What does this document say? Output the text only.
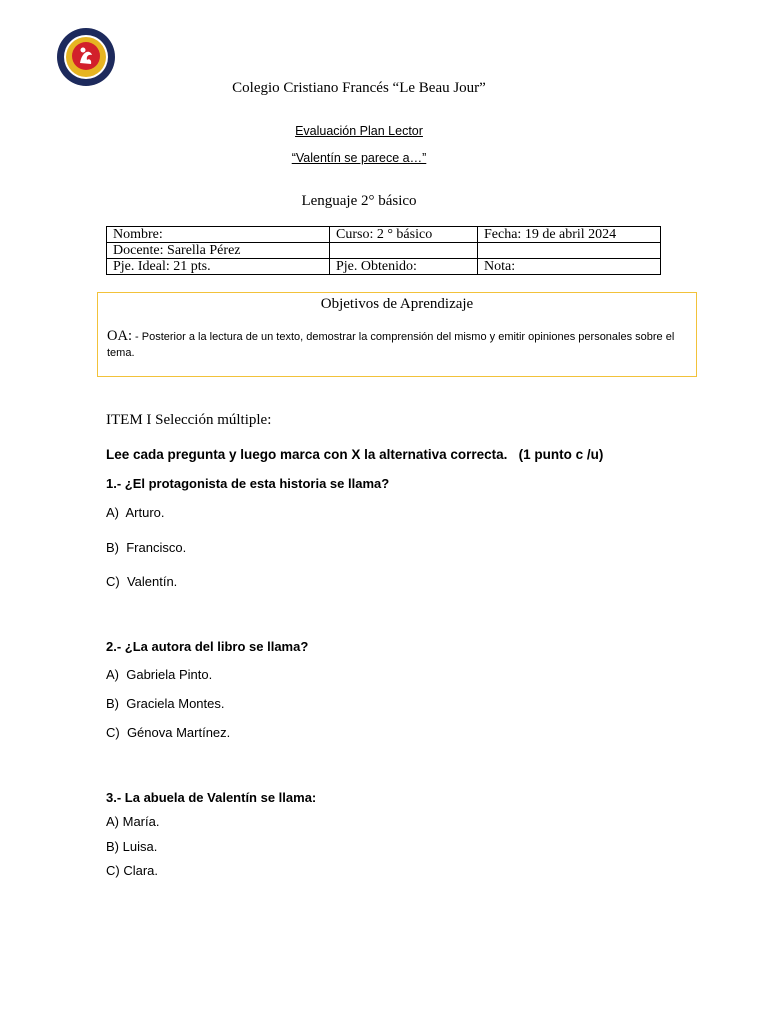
Colegio Cristiano Francés “Le Beau Jour”
Evaluación Plan Lector
“Valentín se parece a…”
Lenguaje 2° básico
Nombre:	Curso: 2 ° básico	Fecha: 19 de abril 2024
Docente: Sarella Pérez		
Pje. Ideal: 21 pts.	Pje. Obtenido:	Nota:
Objetivos de Aprendizaje
OA: - Posterior a la lectura de un texto, demostrar la comprensión del mismo y emitir opiniones personales sobre el tema.
ITEM I Selección múltiple:
Lee cada pregunta y luego marca con X la alternativa correcta.   (1 punto c /u)
1.- ¿El protagonista de esta historia se llama?
A)  Arturo.
B)  Francisco.
C)  Valentín.
2.- ¿La autora del libro se llama?
A)  Gabriela Pinto.
B)  Graciela Montes.
C)  Génova Martínez.
3.- La abuela de Valentín se llama:
A) María.
B) Luisa.
C) Clara.
